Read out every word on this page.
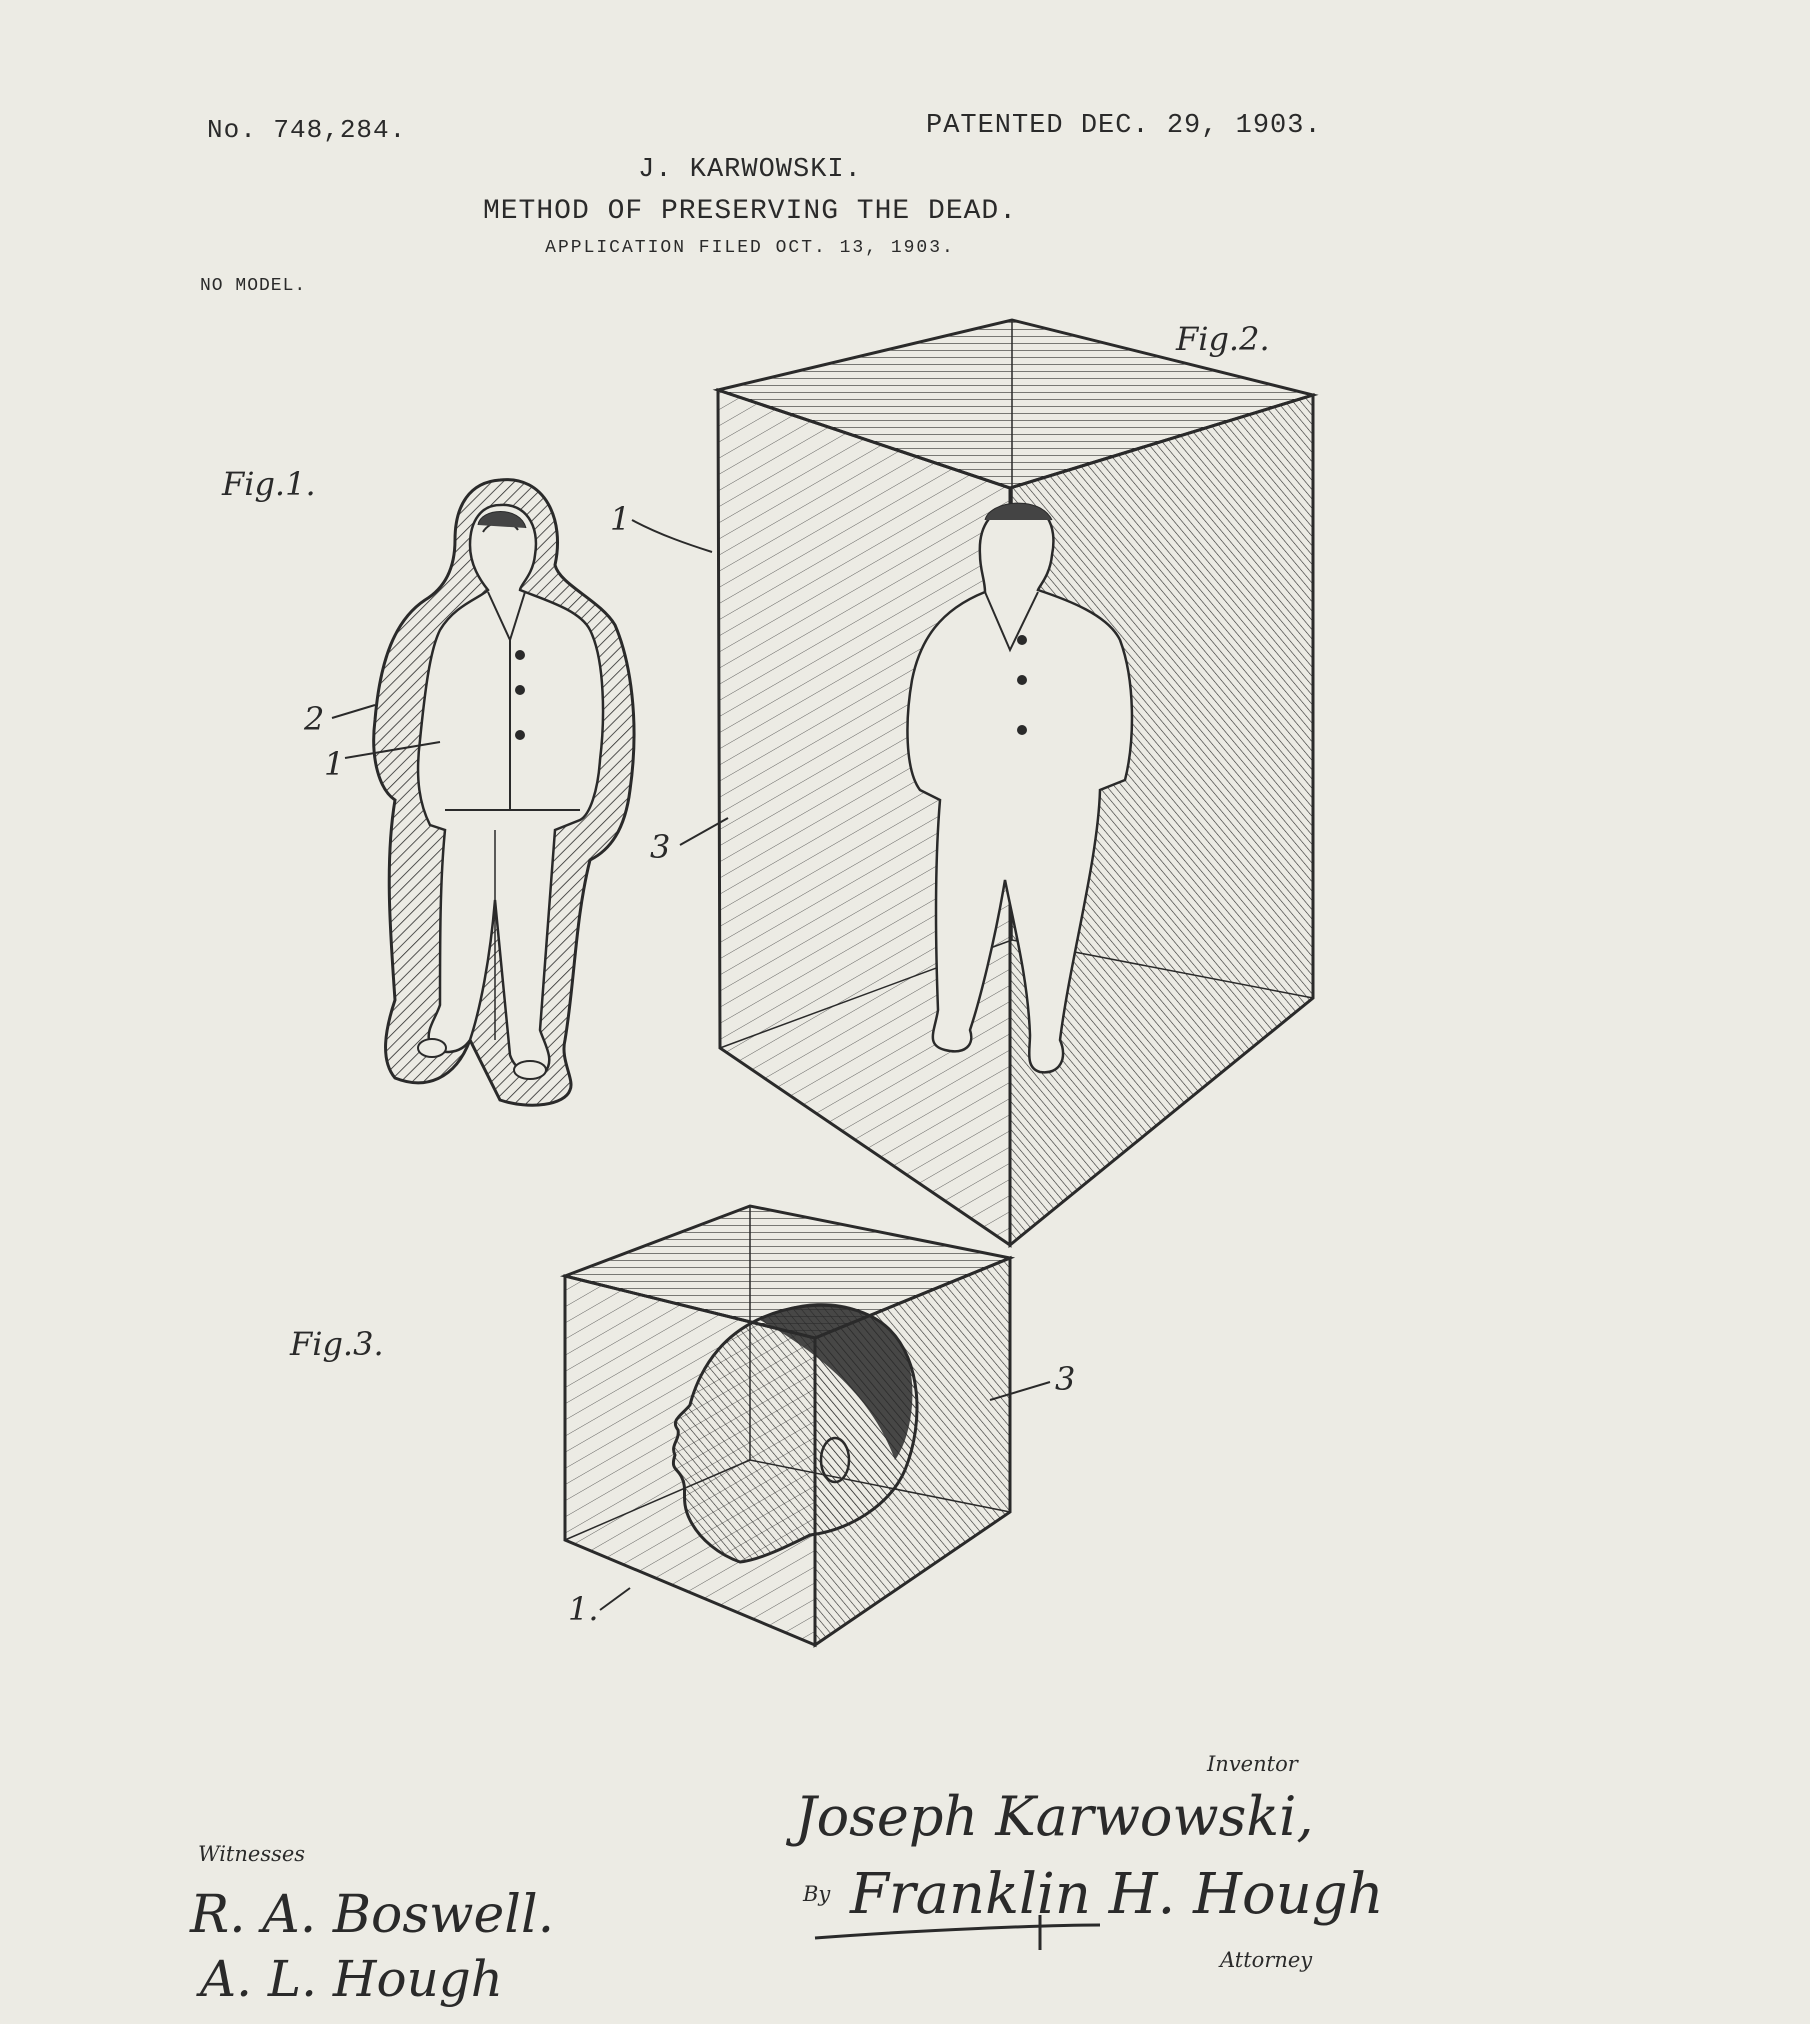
No. 748,284.	PATENTED DEC. 29, 1903.
J. KARWOWSKI.
METHOD OF PRESERVING THE DEAD.
APPLICATION FILED OCT. 13, 1903.
NO MODEL.
Fig.1.
Fig.2.
Fig.3.
2
1
1
3
3
1.
Inventor
Joseph Karwowski,
By Franklin H. Hough
Attorney
Witnesses
R. A. Boswell.
A. L. Hough
